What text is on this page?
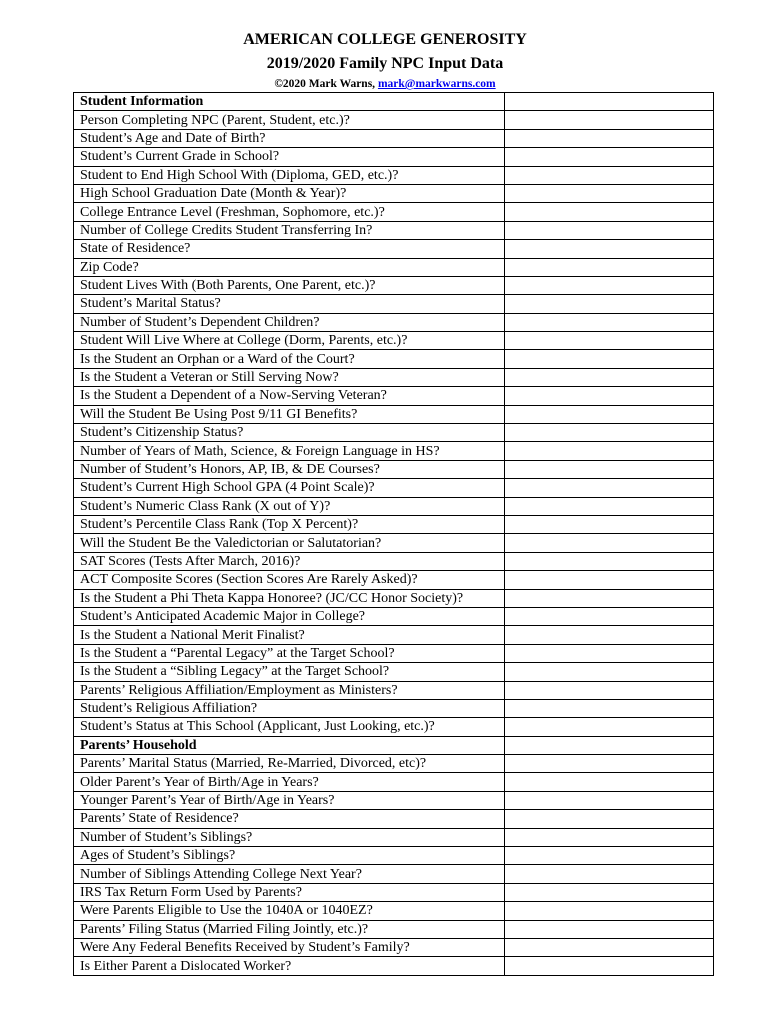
AMERICAN COLLEGE GENEROSITY
2019/2020 Family NPC Input Data
©2020 Mark Warns, mark@markwarns.com
Student Information	
Person Completing NPC (Parent, Student, etc.)?	
Student’s Age and Date of Birth?	
Student’s Current Grade in School?	
Student to End High School With (Diploma, GED, etc.)?	
High School Graduation Date (Month & Year)?	
College Entrance Level (Freshman, Sophomore, etc.)?	
Number of College Credits Student Transferring In?	
State of Residence?	
Zip Code?	
Student Lives With (Both Parents, One Parent, etc.)?	
Student’s Marital Status?	
Number of Student’s Dependent Children?	
Student Will Live Where at College (Dorm, Parents, etc.)?	
Is the Student an Orphan or a Ward of the Court?	
Is the Student a Veteran or Still Serving Now?	
Is the Student a Dependent of a Now-Serving Veteran?	
Will the Student Be Using Post 9/11 GI Benefits?	
Student’s Citizenship Status?	
Number of Years of Math, Science, & Foreign Language in HS?	
Number of Student’s Honors, AP, IB, & DE Courses?	
Student’s Current High School GPA (4 Point Scale)?	
Student’s Numeric Class Rank (X out of Y)?	
Student’s Percentile Class Rank (Top X Percent)?	
Will the Student Be the Valedictorian or Salutatorian?	
SAT Scores (Tests After March, 2016)?	
ACT Composite Scores (Section Scores Are Rarely Asked)?	
Is the Student a Phi Theta Kappa Honoree? (JC/CC Honor Society)?	
Student’s Anticipated Academic Major in College?	
Is the Student a National Merit Finalist?	
Is the Student a “Parental Legacy” at the Target School?	
Is the Student a “Sibling Legacy” at the Target School?	
Parents’ Religious Affiliation/Employment as Ministers?	
Student’s Religious Affiliation?	
Student’s Status at This School (Applicant, Just Looking, etc.)?	
Parents’ Household	
Parents’ Marital Status (Married, Re-Married, Divorced, etc)?	
Older Parent’s Year of Birth/Age in Years?	
Younger Parent’s Year of Birth/Age in Years?	
Parents’ State of Residence?	
Number of Student’s Siblings?	
Ages of Student’s Siblings?	
Number of Siblings Attending College Next Year?	
IRS Tax Return Form Used by Parents?	
Were Parents Eligible to Use the 1040A or 1040EZ?	
Parents’ Filing Status (Married Filing Jointly, etc.)?	
Were Any Federal Benefits Received by Student’s Family?	
Is Either Parent a Dislocated Worker?	
